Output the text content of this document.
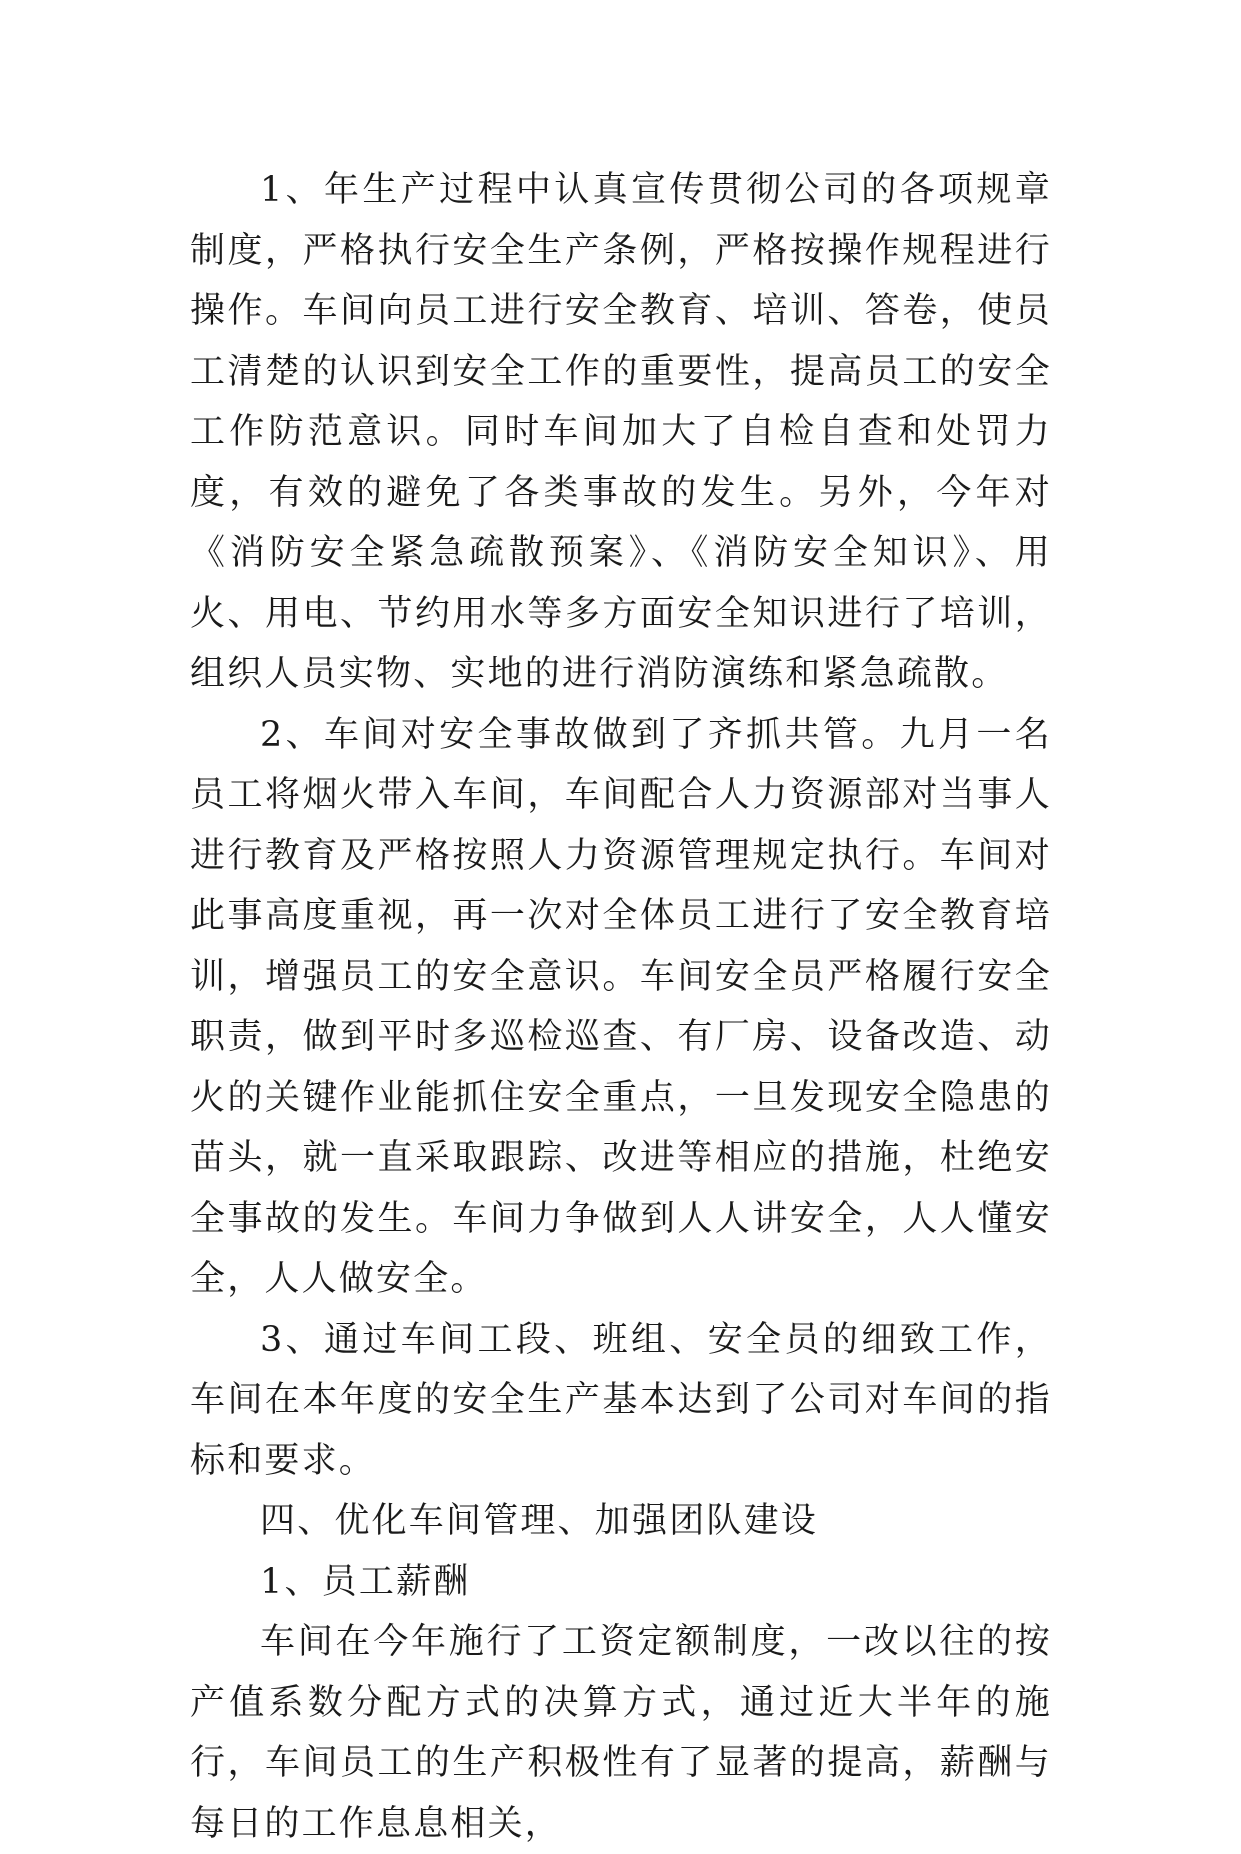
1、年生产过程中认真宣传贯彻公司的各项规章制度，严格执行安全生产条例，严格按操作规程进行操作。车间向员工进行安全教育、培训、答卷，使员工清楚的认识到安全工作的重要性，提高员工的安全工作防范意识。同时车间加大了自检自查和处罚力度，有效的避免了各类事故的发生。另外，今年对《消防安全紧急疏散预案》、《消防安全知识》、用火、用电、节约用水等多方面安全知识进行了培训，组织人员实物、实地的进行消防演练和紧急疏散。

2、车间对安全事故做到了齐抓共管。九月一名员工将烟火带入车间，车间配合人力资源部对当事人进行教育及严格按照人力资源管理规定执行。车间对此事高度重视，再一次对全体员工进行了安全教育培训，增强员工的安全意识。车间安全员严格履行安全职责，做到平时多巡检巡查、有厂房、设备改造、动火的关键作业能抓住安全重点，一旦发现安全隐患的苗头，就一直采取跟踪、改进等相应的措施，杜绝安全事故的发生。车间力争做到人人讲安全，人人懂安全，人人做安全。

3、通过车间工段、班组、安全员的细致工作，车间在本年度的安全生产基本达到了公司对车间的指标和要求。

四、优化车间管理、加强团队建设

1、员工薪酬

车间在今年施行了工资定额制度，一改以往的按产值系数分配方式的决算方式，通过近大半年的施行，车间员工的生产积极性有了显著的提高，薪酬与每日的工作息息相关，
